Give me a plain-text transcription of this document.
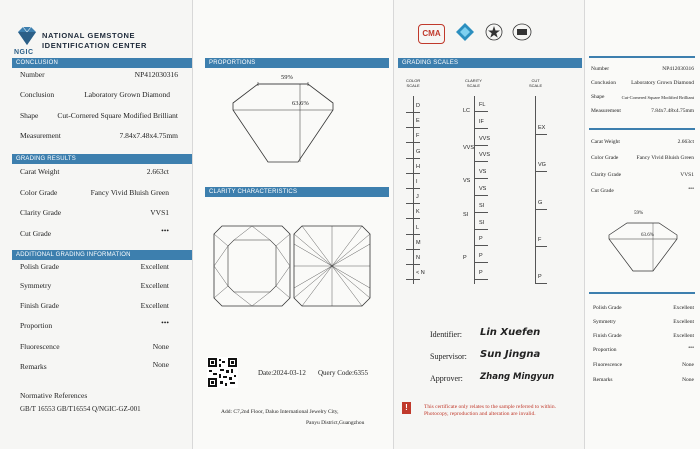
NGIC
NATIONAL GEMSTONE
IDENTIFICATION CENTER
CONCLUSION
Number	NP412030316
Conclusion	Laboratory Grown Diamond
Shape	Cut-Cornered Square Modified Brilliant
Measurement	7.84x7.48x4.75mm
GRADING RESULTS
Carat Weight	2.663ct
Color Grade	Fancy Vivid Bluish Green
Clarity Grade	VVS1
Cut Grade	•••
ADDITIONAL GRADING INFORMATION
Polish Grade	Excellent
Symmetry	Excellent
Finish Grade	Excellent
Proportion	•••
Fluorescence	None
Remarks	None
Normative References
GB/T 16553 GB/T16554 Q/NGIC-GZ-001
PROPORTIONS
59%
63.6%
CLARITY CHARACTERISTICS
Date:2024-03-12 Query Code:6355
Add: C7,2nd Floor, Daluo International Jewelry City,
Panyu District,Guangzhou
CMA
GRADING SCALES
COLOR
SCALE
CLARITY
SCALE
CUT
SCALE
D
E
F
G
H
I
J
K
L
M
N
< N
FL
IF
VVS
VVS
VS
VS
SI
SI
P
P
P
LC
VVS
VS
SI
P
EX
VG
G
F
P
Identifier: Lin Xuefen
Supervisor: Sun Jingna
Approver: Zhang Mingyun
!	This certificate only relates to the sample referred to within. Photocopy, reproduction and alteration are invalid.
Number	NP412030316
Conclusion	Laboratory Grown Diamond
Shape	Cut-Cornered Square Modified Brilliant
Measurement	7.84x7.48x4.75mm
Carat Weight	2.663ct
Color Grade	Fancy Vivid Bluish Green
Clarity Grade	VVS1
Cut Grade	•••
59%
63.6%
Polish Grade	Excellent
Symmetry	Excellent
Finish Grade	Excellent
Proportion	•••
Fluorescence	None
Remarks	None
